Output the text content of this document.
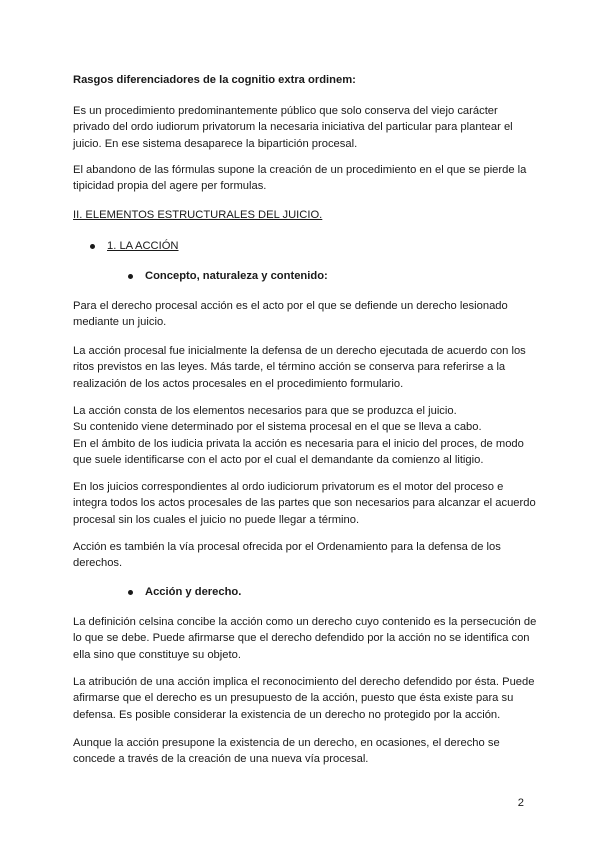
Rasgos diferenciadores de la cognitio extra ordinem:

Es un procedimiento predominantemente público que solo conserva del viejo carácter
privado del ordo iudiorum privatorum la necesaria iniciativa del particular para plantear el
juicio. En ese sistema desaparece la bipartición procesal.

El abandono de las fórmulas supone la creación de un procedimiento en el que se pierde la
tipicidad propia del agere per formulas.

II. ELEMENTOS ESTRUCTURALES DEL JUICIO.

1. LA ACCIÓN
Concepto, naturaleza y contenido:

Para el derecho procesal acción es el acto por el que se defiende un derecho lesionado
mediante un juicio.

La acción procesal fue inicialmente la defensa de un derecho ejecutada de acuerdo con los
ritos previstos en las leyes. Más tarde, el término acción se conserva para referirse a la
realización de los actos procesales en el procedimiento formulario.

La acción consta de los elementos necesarios para que se produzca el juicio.
Su contenido viene determinado por el sistema procesal en el que se lleva a cabo.
En el ámbito de los iudicia privata la acción es necesaria para el inicio del proces, de modo
que suele identificarse con el acto por el cual el demandante da comienzo al litigio.

En los juicios correspondientes al ordo iudiciorum privatorum es el motor del proceso e
integra todos los actos procesales de las partes que son necesarios para alcanzar el acuerdo
procesal sin los cuales el juicio no puede llegar a término.

Acción es también la vía procesal ofrecida por el Ordenamiento para la defensa de los
derechos.

Acción y derecho.

La definición celsina concibe la acción como un derecho cuyo contenido es la persecución de
lo que se debe. Puede afirmarse que el derecho defendido por la acción no se identifica con
ella sino que constituye su objeto.

La atribución de una acción implica el reconocimiento del derecho defendido por ésta. Puede
afirmarse que el derecho es un presupuesto de la acción, puesto que ésta existe para su
defensa. Es posible considerar la existencia de un derecho no protegido por la acción.

Aunque la acción presupone la existencia de un derecho, en ocasiones, el derecho se
concede a través de la creación de una nueva vía procesal.

2
